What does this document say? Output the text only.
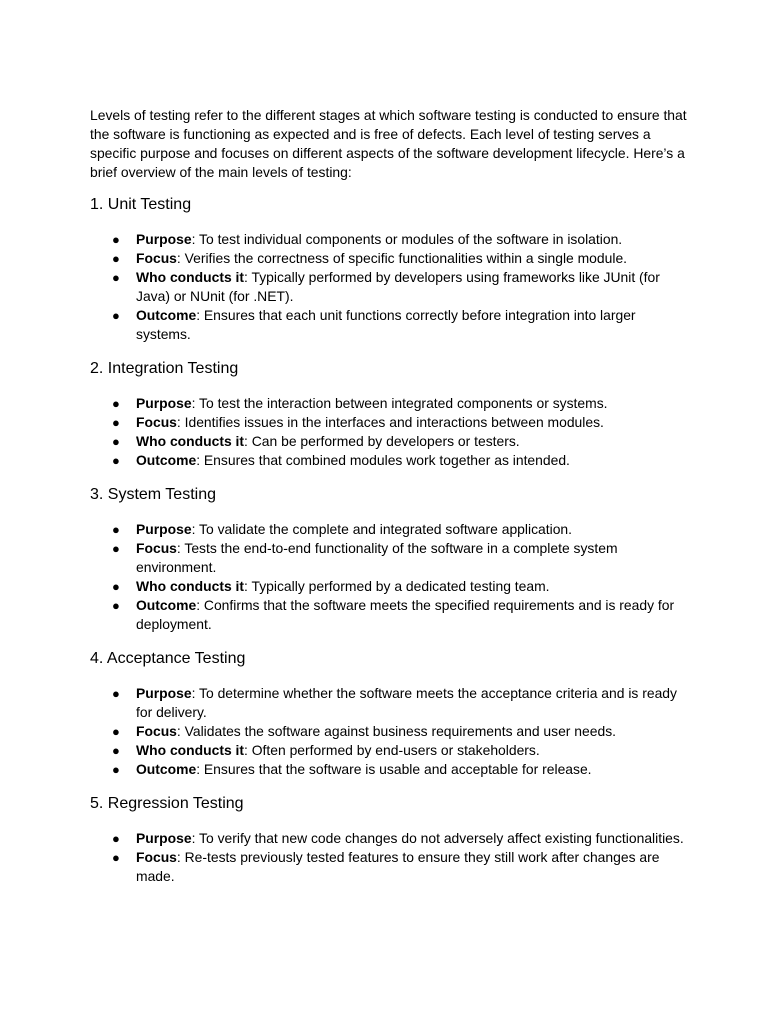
Levels of testing refer to the different stages at which software testing is conducted to ensure that the software is functioning as expected and is free of defects. Each level of testing serves a specific purpose and focuses on different aspects of the software development lifecycle. Here’s a brief overview of the main levels of testing:

1. Unit Testing
● Purpose: To test individual components or modules of the software in isolation.
● Focus: Verifies the correctness of specific functionalities within a single module.
● Who conducts it: Typically performed by developers using frameworks like JUnit (for Java) or NUnit (for .NET).
● Outcome: Ensures that each unit functions correctly before integration into larger systems.
2. Integration Testing
● Purpose: To test the interaction between integrated components or systems.
● Focus: Identifies issues in the interfaces and interactions between modules.
● Who conducts it: Can be performed by developers or testers.
● Outcome: Ensures that combined modules work together as intended.
3. System Testing
● Purpose: To validate the complete and integrated software application.
● Focus: Tests the end-to-end functionality of the software in a complete system environment.
● Who conducts it: Typically performed by a dedicated testing team.
● Outcome: Confirms that the software meets the specified requirements and is ready for deployment.
4. Acceptance Testing
● Purpose: To determine whether the software meets the acceptance criteria and is ready for delivery.
● Focus: Validates the software against business requirements and user needs.
● Who conducts it: Often performed by end-users or stakeholders.
● Outcome: Ensures that the software is usable and acceptable for release.
5. Regression Testing
● Purpose: To verify that new code changes do not adversely affect existing functionalities.
● Focus: Re-tests previously tested features to ensure they still work after changes are made.
